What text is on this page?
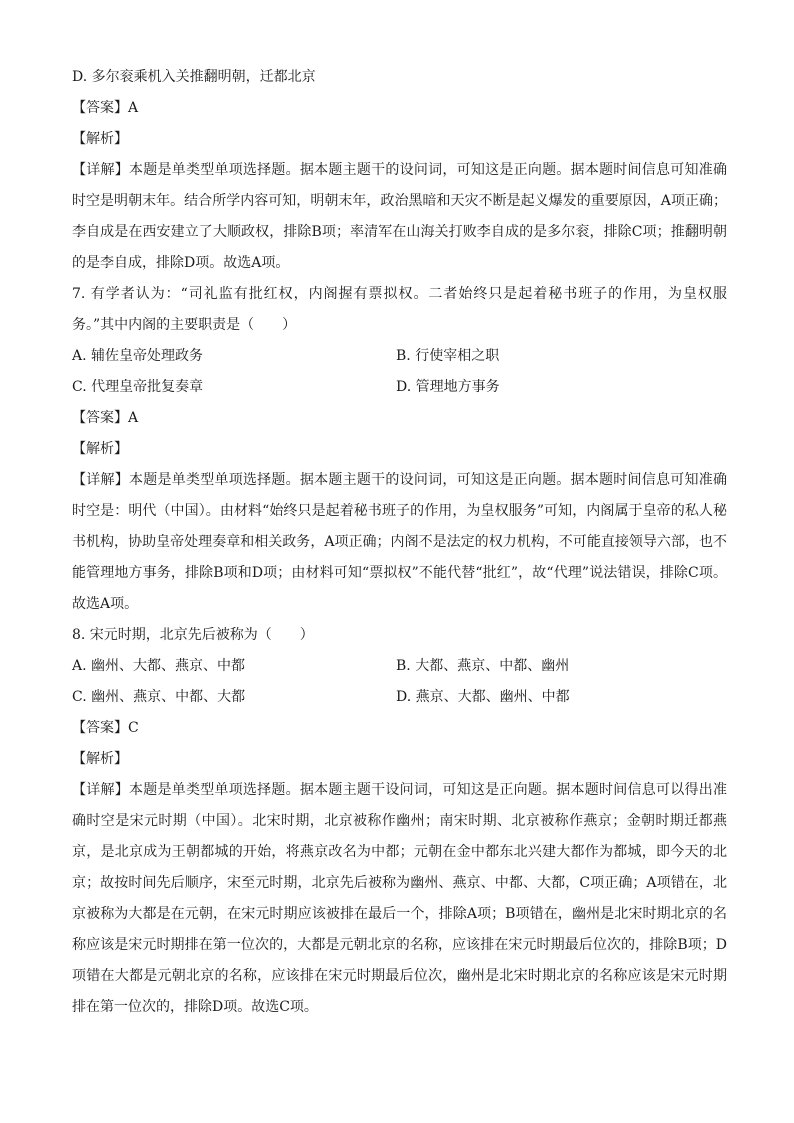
D. 多尔衮乘机入关推翻明朝，迁都北京
【答案】A
【解析】
【详解】本题是单类型单项选择题。据本题主题干的设问词，可知这是正向题。据本题时间信息可知准确时空是明朝末年。结合所学内容可知，明朝末年，政治黑暗和天灾不断是起义爆发的重要原因，A项正确；李自成是在西安建立了大顺政权，排除B项；率清军在山海关打败李自成的是多尔衮，排除C项；推翻明朝的是李自成，排除D项。故选A项。
7. 有学者认为：“司礼监有批红权，内阁握有票拟权。二者始终只是起着秘书班子的作用，为皇权服务。”其中内阁的主要职责是（　　）
A. 辅佐皇帝处理政务	B. 行使宰相之职
C. 代理皇帝批复奏章	D. 管理地方事务
【答案】A
【解析】
【详解】本题是单类型单项选择题。据本题主题干的设问词，可知这是正向题。据本题时间信息可知准确时空是：明代（中国）。由材料“始终只是起着秘书班子的作用，为皇权服务”可知，内阁属于皇帝的私人秘书机构，协助皇帝处理奏章和相关政务，A项正确；内阁不是法定的权力机构，不可能直接领导六部，也不能管理地方事务，排除B项和D项；由材料可知“票拟权”不能代替“批红”，故“代理”说法错误，排除C项。故选A项。
8. 宋元时期，北京先后被称为（　　）
A. 幽州、大都、燕京、中都	B. 大都、燕京、中都、幽州
C. 幽州、燕京、中都、大都	D. 燕京、大都、幽州、中都
【答案】C
【解析】
【详解】本题是单类型单项选择题。据本题主题干设问词，可知这是正向题。据本题时间信息可以得出准确时空是宋元时期（中国）。北宋时期，北京被称作幽州；南宋时期、北京被称作燕京；金朝时期迁都燕京，是北京成为王朝都城的开始，将燕京改名为中都；元朝在金中都东北兴建大都作为都城，即今天的北京；故按时间先后顺序，宋至元时期，北京先后被称为幽州、燕京、中都、大都，C项正确；A项错在，北京被称为大都是在元朝，在宋元时期应该被排在最后一个，排除A项；B项错在，幽州是北宋时期北京的名称应该是宋元时期排在第一位次的，大都是元朝北京的名称，应该排在宋元时期最后位次的，排除B项；D项错在大都是元朝北京的名称，应该排在宋元时期最后位次，幽州是北宋时期北京的名称应该是宋元时期排在第一位次的，排除D项。故选C项。
